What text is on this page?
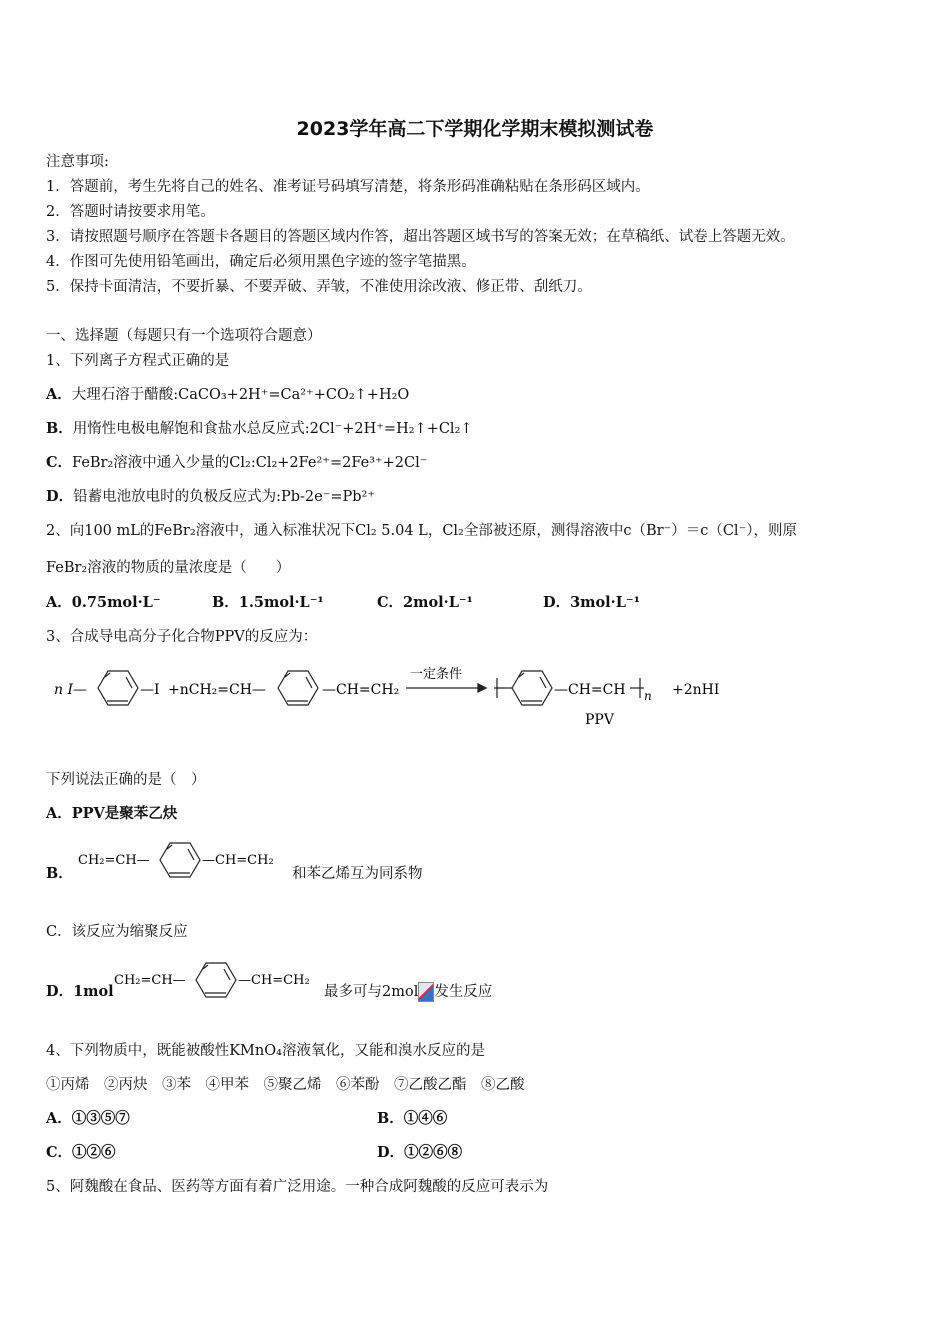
2023学年高二下学期化学期末模拟测试卷
注意事项:
1．答题前，考生先将自己的姓名、准考证号码填写清楚，将条形码准确粘贴在条形码区域内。
2．答题时请按要求用笔。
3．请按照题号顺序在答题卡各题目的答题区域内作答，超出答题区域书写的答案无效；在草稿纸、试卷上答题无效。
4．作图可先使用铅笔画出，确定后必须用黑色字迹的签字笔描黑。
5．保持卡面清洁，不要折暴、不要弄破、弄皱，不准使用涂改液、修正带、刮纸刀。
一、选择题（每题只有一个选项符合题意）
1、下列离子方程式正确的是
A．大理石溶于醋酸:CaCO₃+2H⁺=Ca²⁺+CO₂↑+H₂O
B．用惰性电极电解饱和食盐水总反应式:2Cl⁻+2H⁺=H₂↑+Cl₂↑
C．FeBr₂溶液中通入少量的Cl₂:Cl₂+2Fe²⁺=2Fe³⁺+2Cl⁻
D．铅蓄电池放电时的负极反应式为:Pb-2e⁻=Pb²⁺
2、向100 mL的FeBr₂溶液中，通入标准状况下Cl₂ 5.04 L，Cl₂全部被还原，测得溶液中c（Br⁻）＝c（Cl⁻），则原
FeBr₂溶液的物质的量浓度是（　　）
A．0.75mol·L⁻	B．1.5mol·L⁻¹	C．2mol·L⁻¹	D．3mol·L⁻¹
3、合成导电高分子化合物PPV的反应为：
n I—	—I +nCH₂=CH—	—CH=CH₂
一定条件
—CH=CH n +2nHI
PPV
下列说法正确的是（　）
A．PPV是聚苯乙炔
B．
CH₂=CH—	—CH=CH₂
和苯乙烯互为同系物
C．该反应为缩聚反应
D．1mol
CH₂=CH—	—CH=CH₂
最多可与2mol 发生反应
4、下列物质中，既能被酸性KMnO₄溶液氧化，又能和溴水反应的是
①丙烯　②丙炔　③苯　④甲苯　⑤聚乙烯　⑥苯酚　⑦乙酸乙酯　⑧乙酸
A．①③⑤⑦	B．①④⑥
C．①②⑥	D．①②⑥⑧
5、阿魏酸在食品、医药等方面有着广泛用途。一种合成阿魏酸的反应可表示为
